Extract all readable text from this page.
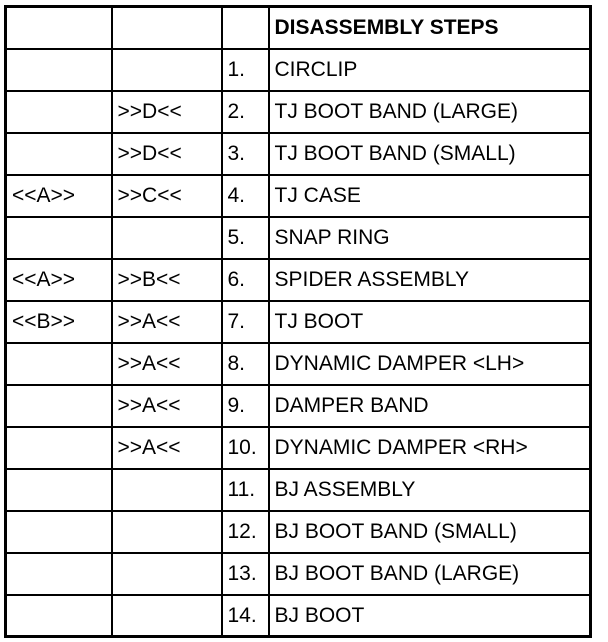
			DISASSEMBLY STEPS
		1.	CIRCLIP
	>>D<<	2.	TJ BOOT BAND (LARGE)
	>>D<<	3.	TJ BOOT BAND (SMALL)
<<A>>	>>C<<	4.	TJ CASE
		5.	SNAP RING
<<A>>	>>B<<	6.	SPIDER ASSEMBLY
<<B>>	>>A<<	7.	TJ BOOT
	>>A<<	8.	DYNAMIC DAMPER <LH>
	>>A<<	9.	DAMPER BAND
	>>A<<	10.	DYNAMIC DAMPER <RH>
		11.	BJ ASSEMBLY
		12.	BJ BOOT BAND (SMALL)
		13.	BJ BOOT BAND (LARGE)
		14.	BJ BOOT
